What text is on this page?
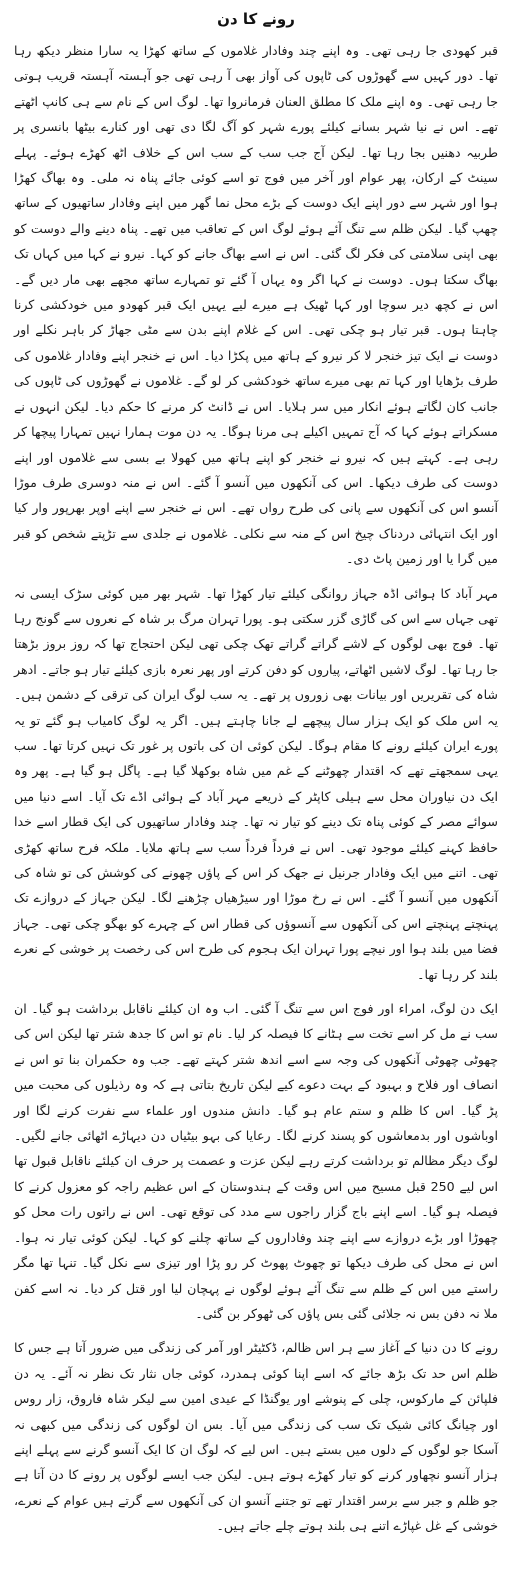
رونے کا دن

قبر کھودی جا رہی تھی۔ وہ اپنے چند وفادار غلاموں کے ساتھ کھڑا یہ سارا منظر دیکھ رہا تھا۔ دور کہیں سے گھوڑوں کی ٹاپوں کی آواز بھی آ رہی تھی جو آہستہ آہستہ قریب ہوتی جا رہی تھی۔ وہ اپنے ملک کا مطلق العنان فرمانروا تھا۔ لوگ اس کے نام سے ہی کانپ اٹھتے تھے۔ اس نے نیا شہر بسانے کیلئے پورے شہر کو آگ لگا دی تھی اور کنارے بیٹھا بانسری پر طربیہ دھنیں بجا رہا تھا۔ لیکن آج جب سب کے سب اس کے خلاف اٹھ کھڑے ہوئے۔ پہلے سینٹ کے ارکان، پھر عوام اور آخر میں فوج تو اسے کوئی جائے پناہ نہ ملی۔ وہ بھاگ کھڑا ہوا اور شہر سے دور اپنے ایک دوست کے بڑے محل نما گھر میں اپنے وفادار ساتھیوں کے ساتھ چھپ گیا۔ لیکن ظلم سے تنگ آئے ہوئے لوگ اس کے تعاقب میں تھے۔ پناہ دینے والے دوست کو بھی اپنی سلامتی کی فکر لگ گئی۔ اس نے اسے بھاگ جانے کو کہا۔ نیرو نے کہا میں کہاں تک بھاگ سکتا ہوں۔ دوست نے کہا اگر وہ یہاں آ گئے تو تمہارے ساتھ مجھے بھی مار دیں گے۔ اس نے کچھ دیر سوچا اور کہا ٹھیک ہے میرے لیے یہیں ایک قبر کھودو میں خودکشی کرنا چاہتا ہوں۔ قبر تیار ہو چکی تھی۔ اس کے غلام اپنے بدن سے مٹی جھاڑ کر باہر نکلے اور دوست نے ایک تیز خنجر لا کر نیرو کے ہاتھ میں پکڑا دیا۔ اس نے خنجر اپنے وفادار غلاموں کی طرف بڑھایا اور کہا تم بھی میرے ساتھ خودکشی کر لو گے۔ غلاموں نے گھوڑوں کی ٹاپوں کی جانب کان لگاتے ہوئے انکار میں سر ہلایا۔ اس نے ڈانٹ کر مرنے کا حکم دیا۔ لیکن انہوں نے مسکراتے ہوئے کہا کہ آج تمہیں اکیلے ہی مرنا ہوگا۔ یہ دن موت ہمارا نہیں تمہارا پیچھا کر رہی ہے۔ کہتے ہیں کہ نیرو نے خنجر کو اپنے ہاتھ میں کھولا بے بسی سے غلاموں اور اپنے دوست کی طرف دیکھا۔ اس کی آنکھوں میں آنسو آ گئے۔ اس نے منہ دوسری طرف موڑا آنسو اس کی آنکھوں سے پانی کی طرح رواں تھے۔ اس نے خنجر سے اپنے اوپر بھرپور وار کیا اور ایک انتہائی دردناک چیخ اس کے منہ سے نکلی۔ غلاموں نے جلدی سے تڑپتے شخص کو قبر میں گرا یا اور زمین پاٹ دی۔

مہر آباد کا ہوائی اڈہ جہاز روانگی کیلئے تیار کھڑا تھا۔ شہر بھر میں کوئی سڑک ایسی نہ تھی جہاں سے اس کی گاڑی گزر سکتی ہو۔ پورا تہران مرگ بر شاہ کے نعروں سے گونج رہا تھا۔ فوج بھی لوگوں کے لاشے گراتے گراتے تھک چکی تھی لیکن احتجاج تھا کہ روز بروز بڑھتا جا رہا تھا۔ لوگ لاشیں اٹھاتے، پیاروں کو دفن کرتے اور پھر نعرہ بازی کیلئے تیار ہو جاتے۔ ادھر شاہ کی تقریریں اور بیانات بھی زوروں پر تھے۔ یہ سب لوگ ایران کی ترقی کے دشمن ہیں۔ یہ اس ملک کو ایک ہزار سال پیچھے لے جانا چاہتے ہیں۔ اگر یہ لوگ کامیاب ہو گئے تو یہ پورے ایران کیلئے رونے کا مقام ہوگا۔ لیکن کوئی ان کی باتوں پر غور تک نہیں کرتا تھا۔ سب یہی سمجھتے تھے کہ اقتدار چھوٹنے کے غم میں شاہ بوکھلا گیا ہے۔ پاگل ہو گیا ہے۔ پھر وہ ایک دن نیاوران محل سے ہیلی کاپٹر کے ذریعے مہر آباد کے ہوائی اڈے تک آیا۔ اسے دنیا میں سوائے مصر کے کوئی پناہ تک دینے کو تیار نہ تھا۔ چند وفادار ساتھیوں کی ایک قطار اسے خدا حافظ کہنے کیلئے موجود تھی۔ اس نے فرداً فرداً سب سے ہاتھ ملایا۔ ملکہ فرح ساتھ کھڑی تھی۔ اتنے میں ایک وفادار جرنیل نے جھک کر اس کے پاؤں چھونے کی کوشش کی تو شاہ کی آنکھوں میں آنسو آ گئے۔ اس نے رخ موڑا اور سیڑھیاں چڑھنے لگا۔ لیکن جہاز کے دروازے تک پہنچتے پہنچتے اس کی آنکھوں سے آنسوؤں کی قطار اس کے چہرے کو بھگو چکی تھی۔ جہاز فضا میں بلند ہوا اور نیچے پورا تہران ایک ہجوم کی طرح اس کی رخصت پر خوشی کے نعرے بلند کر رہا تھا۔

ایک دن لوگ، امراء اور فوج اس سے تنگ آ گئی۔ اب وہ ان کیلئے ناقابل برداشت ہو گیا۔ ان سب نے مل کر اسے تخت سے ہٹانے کا فیصلہ کر لیا۔ نام تو اس کا جدھ شتر تھا لیکن اس کی چھوٹی چھوٹی آنکھوں کی وجہ سے اسے اندھ شتر کہتے تھے۔ جب وہ حکمران بنا تو اس نے انصاف اور فلاح و بہبود کے بہت دعوے کیے لیکن تاریخ بتاتی ہے کہ وہ رذیلوں کی محبت میں پڑ گیا۔ اس کا ظلم و ستم عام ہو گیا۔ دانش مندوں اور علماء سے نفرت کرنے لگا اور اوباشوں اور بدمعاشوں کو پسند کرنے لگا۔ رعایا کی بہو بیٹیاں دن دیہاڑے اٹھائی جانے لگیں۔ لوگ دیگر مظالم تو برداشت کرتے رہے لیکن عزت و عصمت پر حرف ان کیلئے ناقابل قبول تھا اس لیے 250 قبل مسیح میں اس وقت کے ہندوستان کے اس عظیم راجہ کو معزول کرنے کا فیصلہ ہو گیا۔ اسے اپنے باج گزار راجوں سے مدد کی توقع تھی۔ اس نے راتوں رات محل کو چھوڑا اور بڑے دروازے سے اپنے چند وفاداروں کے ساتھ چلنے کو کہا۔ لیکن کوئی تیار نہ ہوا۔ اس نے محل کی طرف دیکھا تو چھوٹ پھوٹ کر رو پڑا اور تیزی سے نکل گیا۔ تنہا تھا مگر راستے میں اس کے ظلم سے تنگ آئے ہوئے لوگوں نے پہچان لیا اور قتل کر دیا۔ نہ اسے کفن ملا نہ دفن بس نہ جلائی گئی بس پاؤں کی ٹھوکر بن گئی۔

رونے کا دن دنیا کے آغاز سے ہر اس ظالم، ڈکٹیٹر اور آمر کی زندگی میں ضرور آتا ہے جس کا ظلم اس حد تک بڑھ جائے کہ اسے اپنا کوئی ہمدرد، کوئی جاں نثار تک نظر نہ آئے۔ یہ دن فلپائن کے مارکوس، چلی کے پنوشے اور یوگنڈا کے عیدی امین سے لیکر شاہ فاروق، زار روس اور چیانگ کائی شیک تک سب کی زندگی میں آیا۔ بس ان لوگوں کی زندگی میں کبھی نہ آسکا جو لوگوں کے دلوں میں بستے ہیں۔ اس لیے کہ لوگ ان کا ایک آنسو گرنے سے پہلے اپنے ہزار آنسو نچھاور کرنے کو تیار کھڑے ہوتے ہیں۔ لیکن جب ایسے لوگوں پر رونے کا دن آتا ہے جو ظلم و جبر سے برسر اقتدار تھے تو جتنے آنسو ان کی آنکھوں سے گرتے ہیں عوام کے نعرے، خوشی کے غل غپاڑے اتنے ہی بلند ہوتے چلے جاتے ہیں۔
